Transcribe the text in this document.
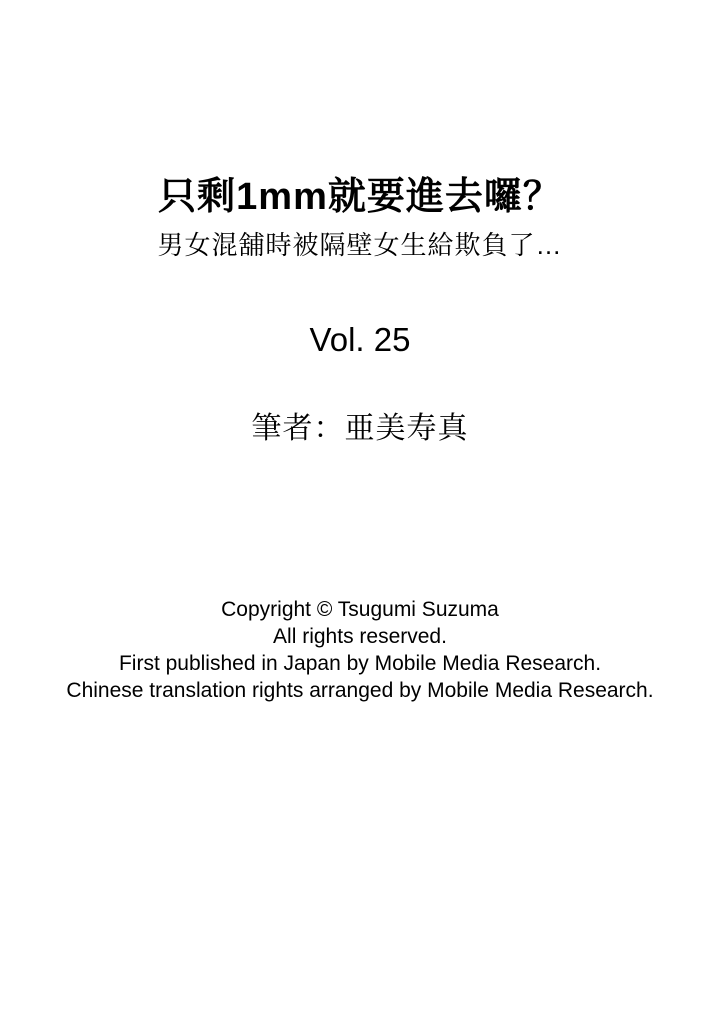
只剩1mm就要進去囉？
男女混舖時被隔壁女生給欺負了…
Vol. 25
筆者：亜美寿真
Copyright © Tsugumi Suzuma
All rights reserved.
First published in Japan by Mobile Media Research.
Chinese translation rights arranged by Mobile Media Research.
